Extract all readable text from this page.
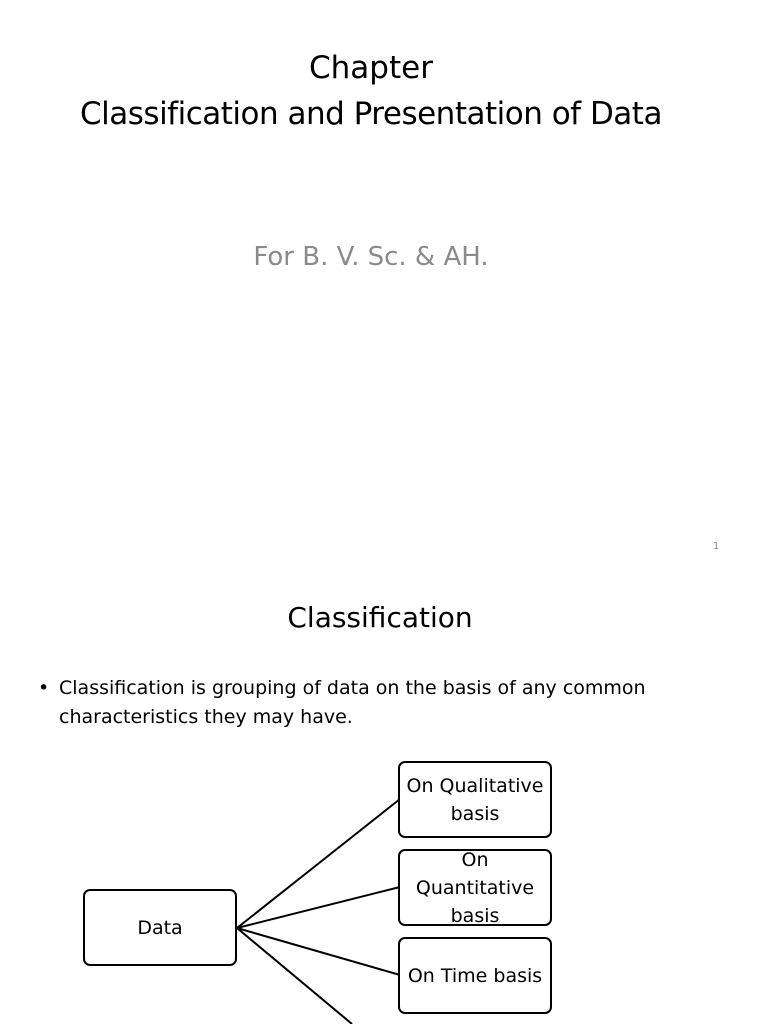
Chapter
Classification and Presentation of Data
For B. V. Sc. & AH.
1
Classification
• Classification is grouping of data on the basis of any common characteristics they may have.
Data
On Qualitative basis
On Quantitative basis
On Time basis
